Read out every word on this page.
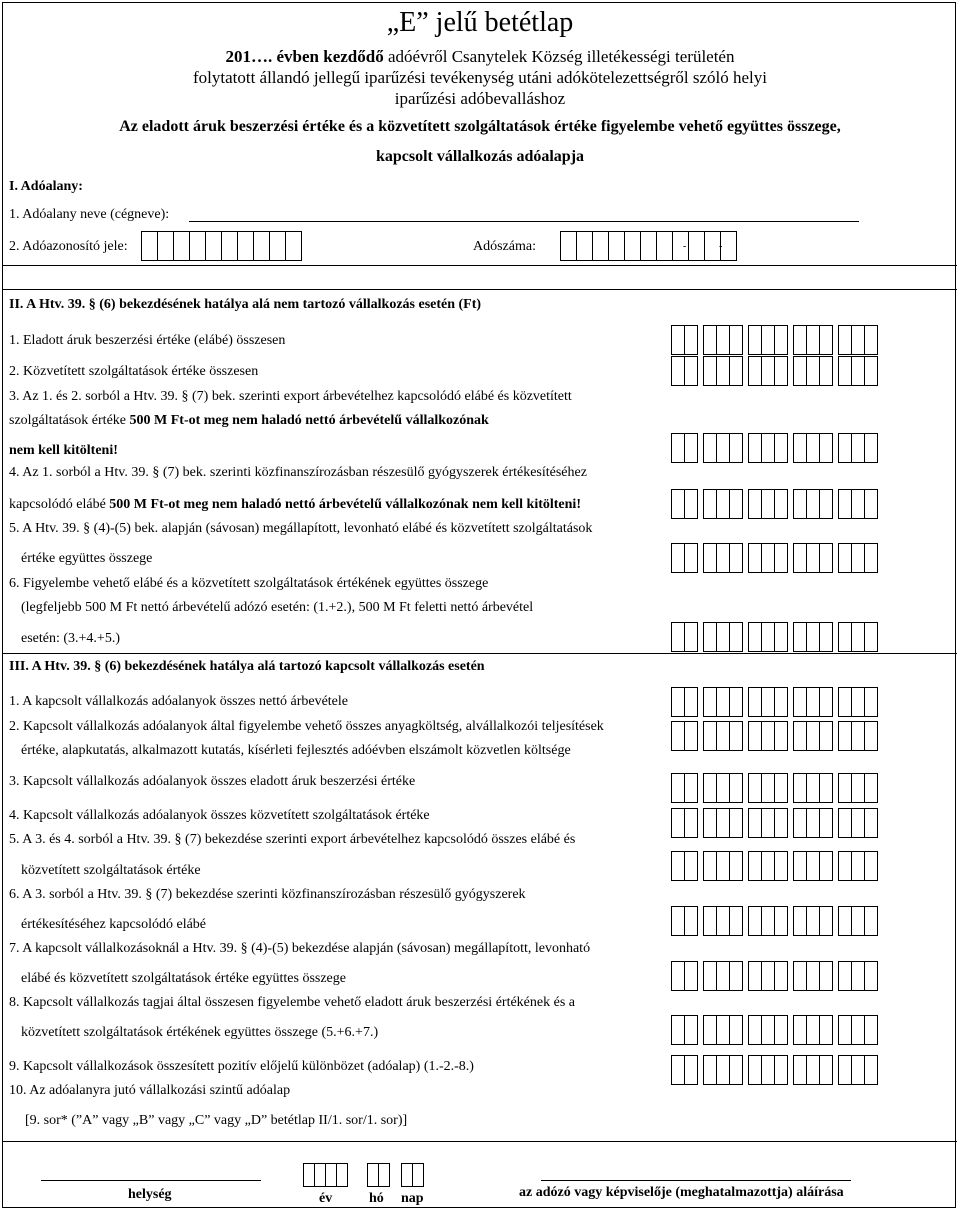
„E” jelű betétlap
201…. évben kezdődő adóévről Csanytelek Község illetékességi területén
folytatott állandó jellegű iparűzési tevékenység utáni adókötelezettségről szóló helyi
iparűzési adóbevalláshoz
Az eladott áruk beszerzési értéke és a közvetített szolgáltatások értéke figyelembe vehető együttes összege,
kapcsolt vállalkozás adóalapja
I. Adóalany:
1. Adóalany neve (cégneve):
2. Adóazonosító jele:	Adószáma:	-	-
II. A Htv. 39. § (6) bekezdésének hatálya alá nem tartozó vállalkozás esetén (Ft)
1. Eladott áruk beszerzési értéke (elábé) összesen
2. Közvetített szolgáltatások értéke összesen
3. Az 1. és 2. sorból a Htv. 39. § (7) bek. szerinti export árbevételhez kapcsolódó elábé és közvetített
szolgáltatások értéke 500 M Ft-ot meg nem haladó nettó árbevételű vállalkozónak
nem kell kitölteni!
4. Az 1. sorból a Htv. 39. § (7) bek. szerinti közfinanszírozásban részesülő gyógyszerek értékesítéséhez
kapcsolódó elábé 500 M Ft-ot meg nem haladó nettó árbevételű vállalkozónak nem kell kitölteni!
5. A Htv. 39. § (4)-(5) bek. alapján (sávosan) megállapított, levonható elábé és közvetített szolgáltatások
értéke együttes összege
6. Figyelembe vehető elábé és a közvetített szolgáltatások értékének együttes összege
(legfeljebb 500 M Ft nettó árbevételű adózó esetén: (1.+2.), 500 M Ft feletti nettó árbevétel
esetén: (3.+4.+5.)
III. A Htv. 39. § (6) bekezdésének hatálya alá tartozó kapcsolt vállalkozás esetén
1. A kapcsolt vállalkozás adóalanyok összes nettó árbevétele
2. Kapcsolt vállalkozás adóalanyok által figyelembe vehető összes anyagköltség, alvállalkozói teljesítések
értéke, alapkutatás, alkalmazott kutatás, kísérleti fejlesztés adóévben elszámolt közvetlen költsége
3. Kapcsolt vállalkozás adóalanyok összes eladott áruk beszerzési értéke
4. Kapcsolt vállalkozás adóalanyok összes közvetített szolgáltatások értéke
5. A 3. és 4. sorból a Htv. 39. § (7) bekezdése szerinti export árbevételhez kapcsolódó összes elábé és
közvetített szolgáltatások értéke
6. A 3. sorból a Htv. 39. § (7) bekezdése szerinti közfinanszírozásban részesülő gyógyszerek
értékesítéséhez kapcsolódó elábé
7. A kapcsolt vállalkozásoknál a Htv. 39. § (4)-(5) bekezdése alapján (sávosan) megállapított, levonható
elábé és közvetített szolgáltatások értéke együttes összege
8. Kapcsolt vállalkozás tagjai által összesen figyelembe vehető eladott áruk beszerzési értékének és a
közvetített szolgáltatások értékének együttes összege (5.+6.+7.)
9. Kapcsolt vállalkozások összesített pozitív előjelű különbözet (adóalap) (1.-2.-8.)
10. Az adóalanyra jutó vállalkozási szintű adóalap
[9. sor* (”A” vagy „B” vagy „C” vagy „D” betétlap II/1. sor/1. sor)]
helység	év	hó nap	az adózó vagy képviselője (meghatalmazottja) aláírása
